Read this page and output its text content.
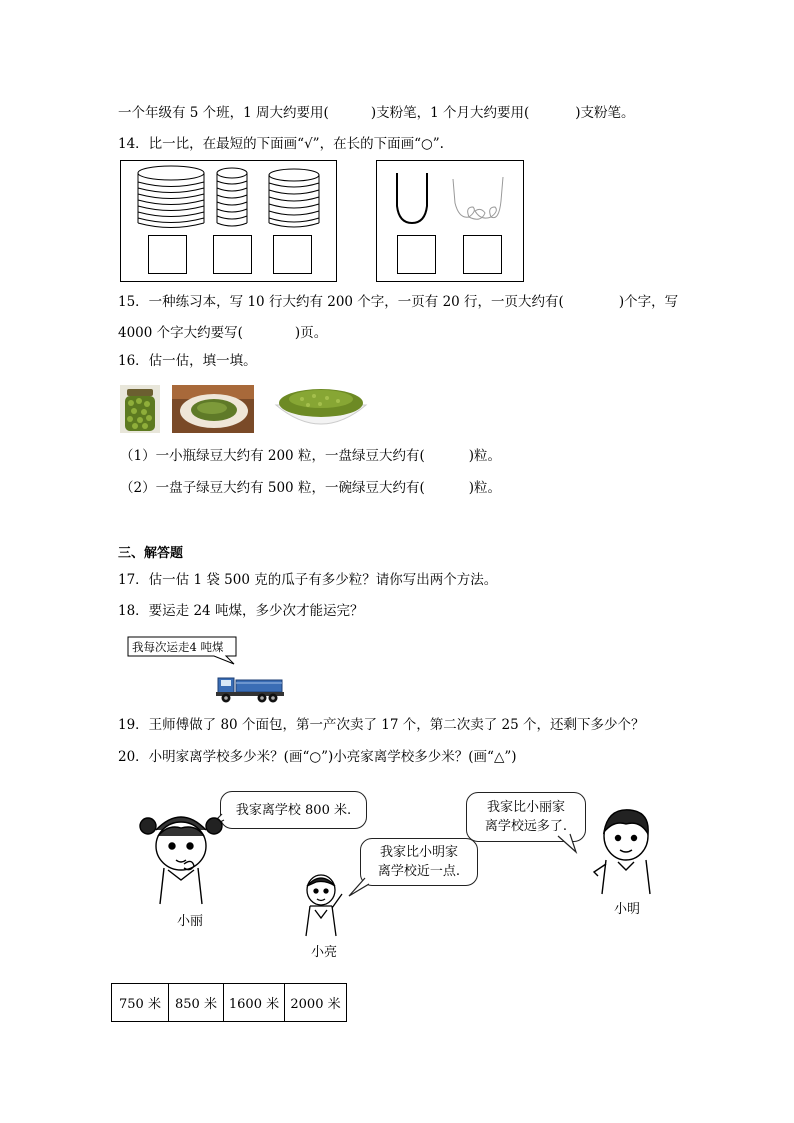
一个年级有 5 个班，1 周大约要用(	)支粉笔，1 个月大约要用(	)支粉笔。
14．比一比，在最短的下面画“√”，在长的下面画“○”.
15．一种练习本，写 10 行大约有 200 个字，一页有 20 行，一页大约有(	)个字，写
4000 个字大约要写(	)页。
16．估一估，填一填。
（1）一小瓶绿豆大约有 200 粒，一盘绿豆大约有(	)粒。
（2）一盘子绿豆大约有 500 粒，一碗绿豆大约有(	)粒。
三、解答题
17．估一估 1 袋 500 克的瓜子有多少粒？请你写出两个方法。
18．要运走 24 吨煤，多少次才能运完？
我每次运走4 吨煤
19．王师傅做了 80 个面包，第一产次卖了 17 个，第二次卖了 25 个，还剩下多少个？
20．小明家离学校多少米？(画“○”)小亮家离学校多少米？(画“△”)
我家离学校 800 米.
我家比小明家
离学校近一点.
我家比小丽家
离学校远多了.
小丽
小亮
小明
750 米	850 米	1600 米	2000 米
